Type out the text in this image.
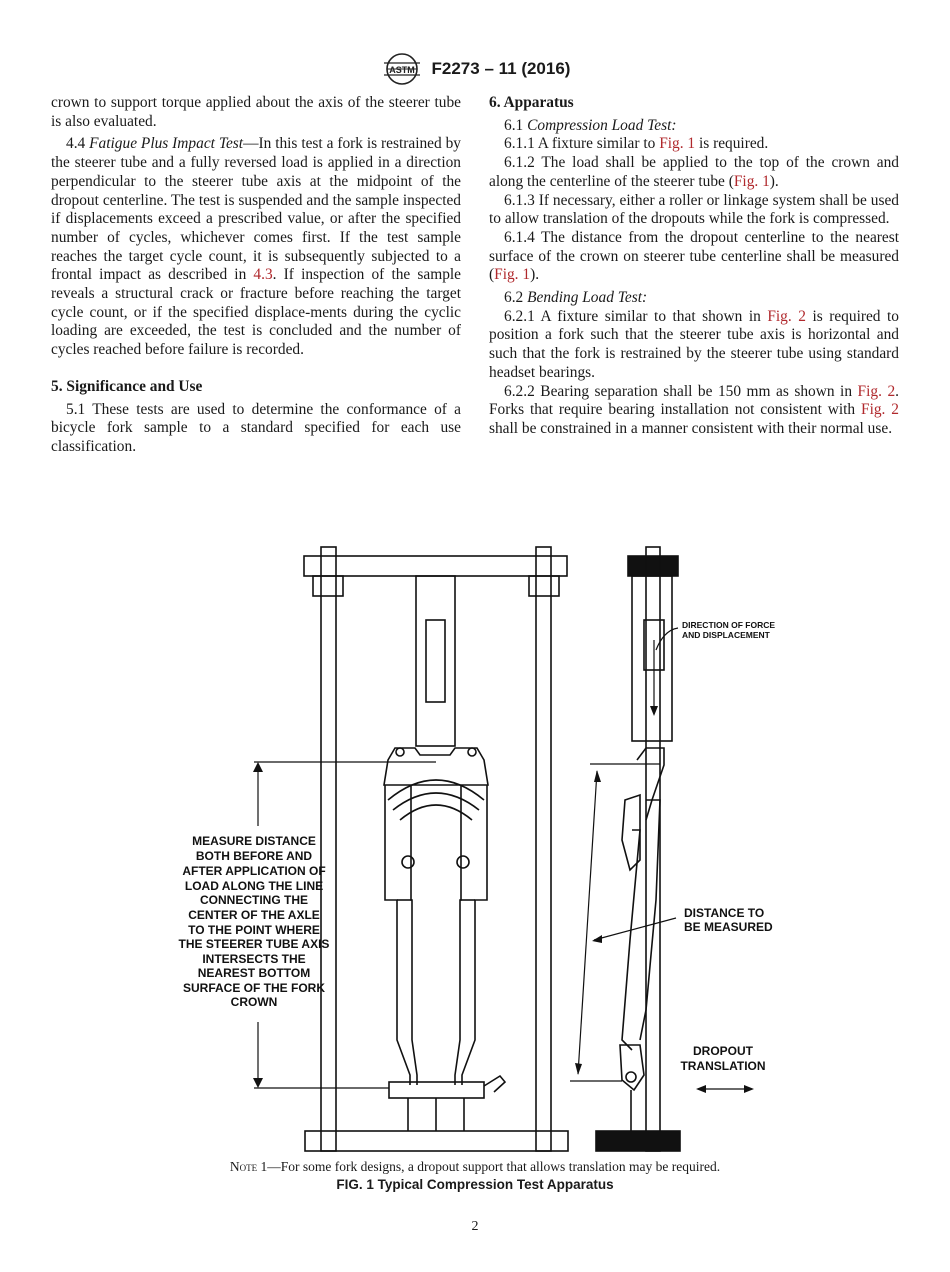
ASTM F2273 – 11 (2016)

crown to support torque applied about the axis of the steerer tube is also evaluated.

4.4 Fatigue Plus Impact Test—In this test a fork is restrained by the steerer tube and a fully reversed load is applied in a direction perpendicular to the steerer tube axis at the midpoint of the dropout centerline. The test is suspended and the sample inspected if displacements exceed a prescribed value, or after the specified number of cycles, whichever comes first. If the test sample reaches the target cycle count, it is subsequently subjected to a frontal impact as described in 4.3. If inspection of the sample reveals a structural crack or fracture before reaching the target cycle count, or if the specified displace-ments during the cyclic loading are exceeded, the test is concluded and the number of cycles reached before failure is recorded.

5. Significance and Use

5.1 These tests are used to determine the conformance of a bicycle fork sample to a standard specified for each use classification.

6. Apparatus

6.1 Compression Load Test:

6.1.1 A fixture similar to Fig. 1 is required.

6.1.2 The load shall be applied to the top of the crown and along the centerline of the steerer tube (Fig. 1).

6.1.3 If necessary, either a roller or linkage system shall be used to allow translation of the dropouts while the fork is compressed.

6.1.4 The distance from the dropout centerline to the nearest surface of the crown on steerer tube centerline shall be measured (Fig. 1).

6.2 Bending Load Test:

6.2.1 A fixture similar to that shown in Fig. 2 is required to position a fork such that the steerer tube axis is horizontal and such that the fork is restrained by the steerer tube using standard headset bearings.

6.2.2 Bearing separation shall be 150 mm as shown in Fig. 2. Forks that require bearing installation not consistent with Fig. 2 shall be constrained in a manner consistent with their normal use.

MEASURE DISTANCE
BOTH BEFORE AND
AFTER APPLICATION OF
LOAD ALONG THE LINE
CONNECTING THE
CENTER OF THE AXLE
TO THE POINT WHERE
THE STEERER TUBE AXIS
INTERSECTS THE
NEAREST BOTTOM
SURFACE OF THE FORK
CROWN
DIRECTION OF FORCE
AND DISPLACEMENT
DISTANCE TO
BE MEASURED
DROPOUT
TRANSLATION
Note 1—For some fork designs, a dropout support that allows translation may be required.
FIG. 1 Typical Compression Test Apparatus
2
